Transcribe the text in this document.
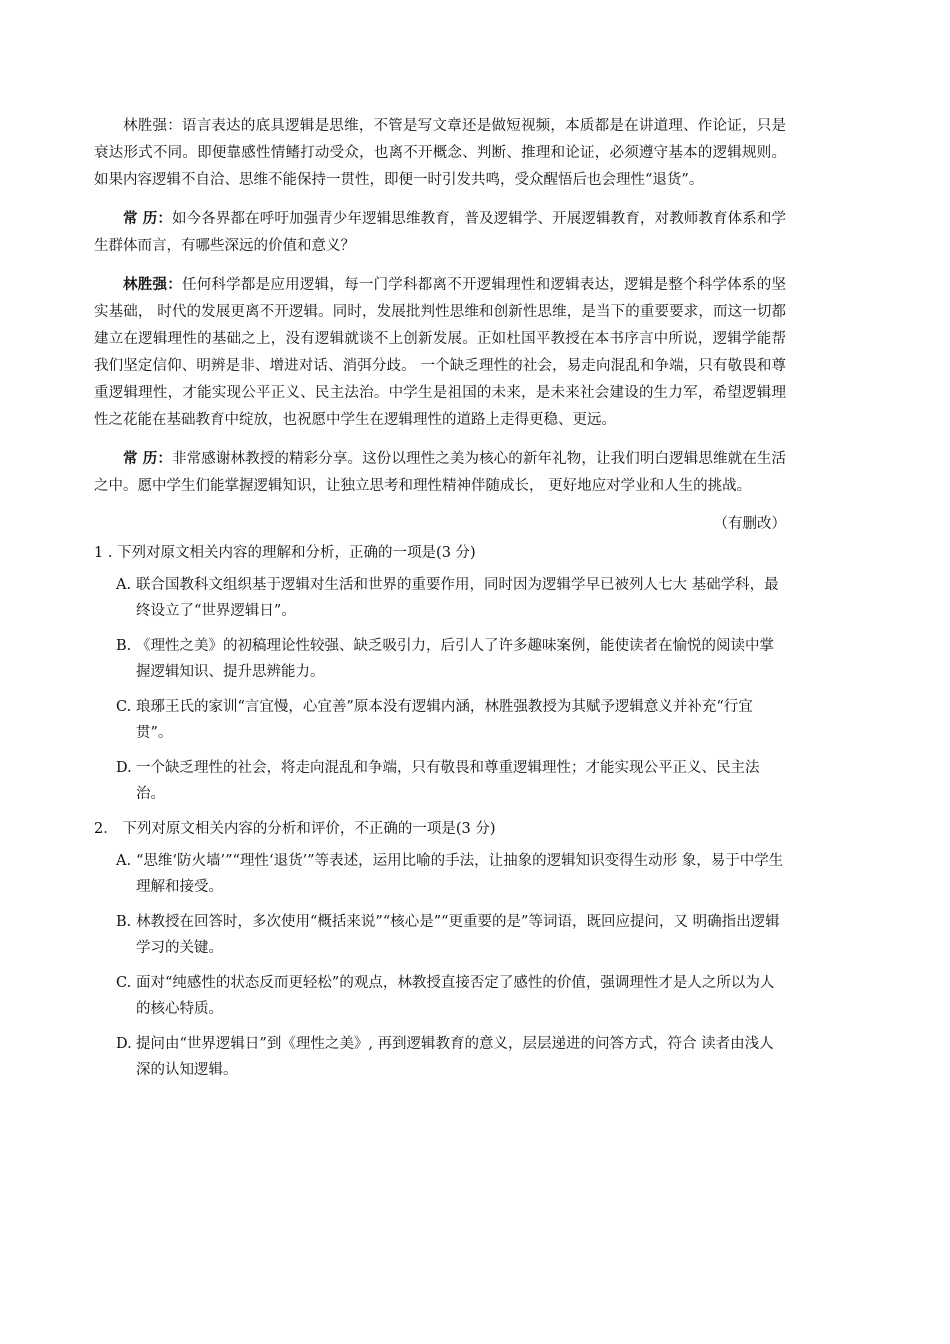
林胜强：语言表达的底具逻辑是思维，不管是写文章还是做短视频，本质都是在讲道理、作论证，只是衰达形式不同。即便靠感性情鳍打动受众，也离不开概念、判断、推理和论证，必须遵守基本的逻辑规则。如果内容逻辑不自洽、思维不能保持一贯性，即便一时引发共鸣，受众醒悟后也会理性“退货”。

常 历：如今各界都在呼吁加强青少年逻辑思维教育，普及逻辑学、开展逻辑教育，对教师教育体系和学生群体而言，有哪些深远的价值和意义？

林胜强：任何科学都是应用逻辑，每一门学科都离不开逻辑理性和逻辑表达，逻辑是整个科学体系的坚实基础， 时代的发展更离不开逻辑。同时，发展批判性思维和创新性思维，是当下的重要要求，而这一切都建立在逻辑理性的基础之上，没有逻辑就谈不上创新发展。正如杜国平教授在本书序言中所说，逻辑学能帮我们坚定信仰、明辨是非、增进对话、消弭分歧。 一个缺乏理性的社会，易走向混乱和争端，只有敬畏和尊重逻辑理性，才能实现公平正义、民主法治。中学生是祖国的未来，是未来社会建设的生力军，希望逻辑理性之花能在基础教育中绽放，也祝愿中学生在逻辑理性的道路上走得更稳、更远。

常 历：非常感谢林教授的精彩分享。这份以理性之美为核心的新年礼物，让我们明白逻辑思维就在生活之中。愿中学生们能掌握逻辑知识，让独立思考和理性精神伴随成长， 更好地应对学业和人生的挑战。

（有删改）

1 . 下列对原文相关内容的理解和分析，正确的一项是(3 分)

A. 联合国教科文组织基于逻辑对生活和世界的重要作用，同时因为逻辑学早已被列人七大 基础学科，最终设立了“世界逻辑日”。
B. 《理性之美》的初稿理论性较强、缺乏吸引力，后引人了许多趣味案例，能使读者在愉悦的阅读中掌握逻辑知识、提升思辨能力。
C. 琅琊王氏的家训“言宜慢，心宜善”原本没有逻辑内涵，林胜强教授为其赋予逻辑意义并补充“行宜贯”。
D. 一个缺乏理性的社会，将走向混乱和争端，只有敬畏和尊重逻辑理性；才能实现公平正义、民主法治。

2． 下列对原文相关内容的分析和评价，不正确的一项是(3 分)

A. “思维‘防火墙’”“理性‘退货’”等表述，运用比喻的手法，让抽象的逻辑知识变得生动形 象，易于中学生理解和接受。
B. 林教授在回答时，多次使用“概括来说”“核心是”“更重要的是”等词语，既回应提问，又 明确指出逻辑学习的关键。
C. 面对“纯感性的状态反而更轻松”的观点，林教授直接否定了感性的价值，强调理性才是人之所以为人的核心特质。
D. 提问由“世界逻辑日”到《理性之美》, 再到逻辑教育的意义，层层递进的问答方式，符合 读者由浅人深的认知逻辑。
